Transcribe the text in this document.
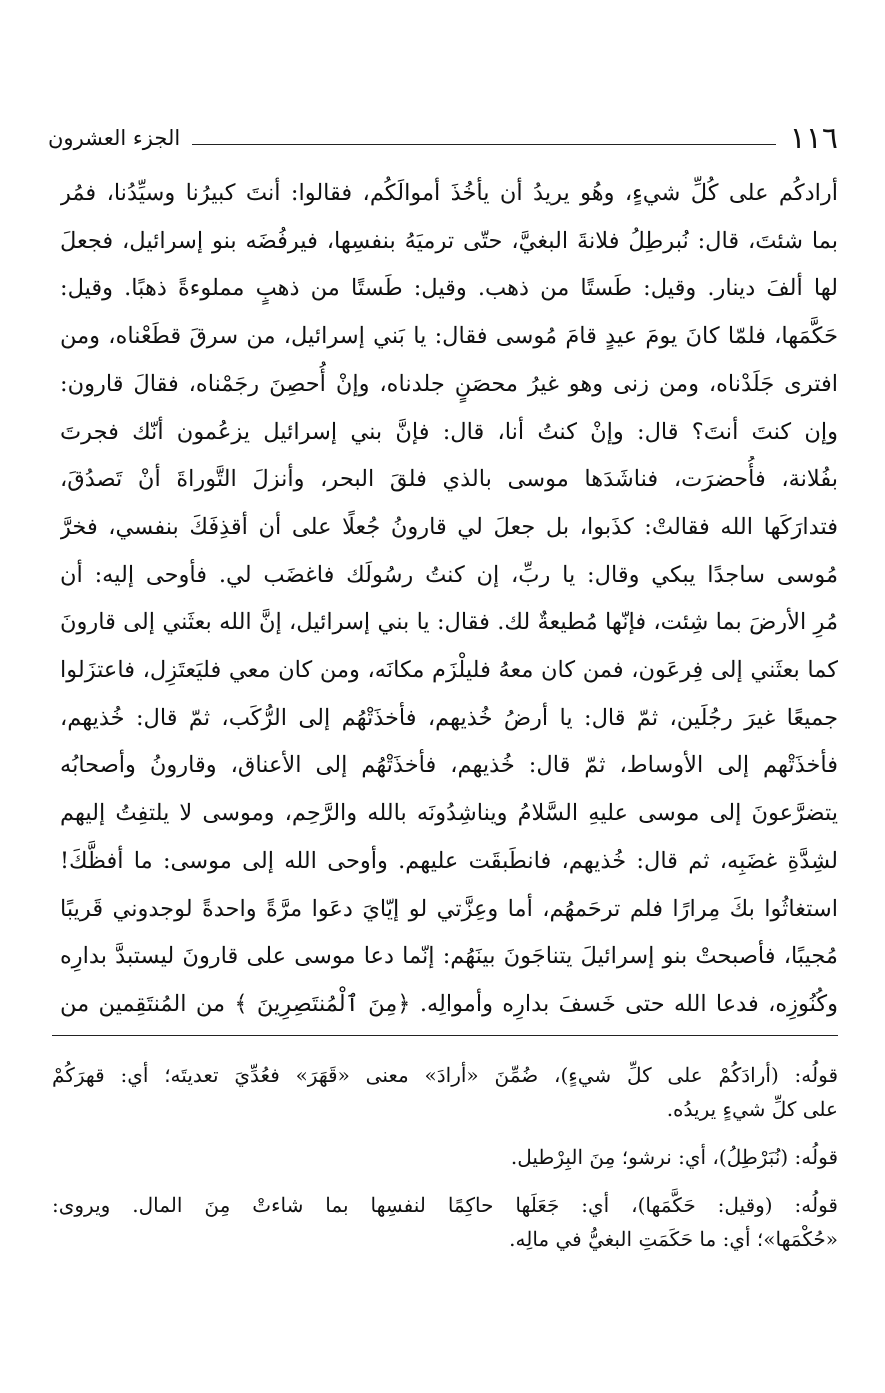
١١٦
الجزء العشرون
أرادكُم على كُلِّ شيءٍ، وهُو يريدُ أن يأخُذَ أموالَكُم، فقالوا: أنتَ كبيرُنا وسيِّدُنا، فمُر
بما شئتَ، قال: نُبرطِلُ فلانةَ البغيَّ، حتّى ترميَهُ بنفسِها، فيرفُضَه بنو إسرائيل، فجعلَ
لها ألفَ دينار. وقيل: طَستًا من ذهب. وقيل: طَستًا من ذهبٍ مملوءةً ذهبًا. وقيل:
حَكَّمَها، فلمّا كانَ يومَ عيدٍ قامَ مُوسى فقال: يا بَني إسرائيل، من سرقَ قطَعْناه، ومن
افترى جَلَدْناه، ومن زنى وهو غيرُ محصَنٍ جلدناه، وإنْ أُحصِنَ رجَمْناه، فقالَ قارون:
وإن كنتَ أنتَ؟ قال: وإنْ كنتُ أنا، قال: فإنَّ بني إسرائيل يزعُمون أنّك فجرتَ
بفُلانة، فأُحضرَت، فناشَدَها موسى بالذي فلقَ البحر، وأنزلَ التَّوراةَ أنْ تَصدُقَ،
فتدارَكَها الله فقالتْ: كذَبوا، بل جعلَ لي قارونُ جُعلًا على أن أقذِفَكَ بنفسي، فخرَّ
مُوسى ساجدًا يبكي وقال: يا ربِّ، إن كنتُ رسُولَك فاغضَب لي. فأوحى إليه: أن
مُرِ الأرضَ بما شِئت، فإنّها مُطيعةٌ لك. فقال: يا بني إسرائيل، إنَّ الله بعثَني إلى قارونَ
كما بعثَني إلى فِرعَون، فمن كان معهُ فليلْزَم مكانَه، ومن كان معي فليَعتَزِل، فاعتزَلوا
جميعًا غيرَ رجُلَين، ثمّ قال: يا أرضُ خُذيهم، فأخذَتْهُم إلى الرُّكَب، ثمّ قال: خُذيهم،
فأخذَتْهم إلى الأوساط، ثمّ قال: خُذيهم، فأخذَتْهُم إلى الأعناق، وقارونُ وأصحابُه
يتضرَّعونَ إلى موسى عليهِ السَّلامُ ويناشِدُونَه بالله والرَّحِم، وموسى لا يلتفِتُ إليهم
لشِدَّةِ غضَبِه، ثم قال: خُذيهم، فانطَبقَت عليهم. وأوحى الله إلى موسى: ما أفظَّكَ!
استغاثُوا بكَ مِرارًا فلم ترحَمهُم، أما وعِزَّتي لو إيّايَ دعَوا مرَّةً واحدةً لوجدوني قَريبًا
مُجيبًا، فأصبحتْ بنو إسرائيلَ يتناجَونَ بينَهُم: إنّما دعا موسى على قارونَ ليستبدَّ بدارِه
وكُنُوزِه، فدعا الله حتى خَسفَ بدارِه وأموالِه. ﴿مِنَ ٱلْمُنتَصِرِينَ ﴾ من المُنتَقِمين من
قولُه: (أرادَكُمْ على كلِّ شيءٍ)، ضُمِّنَ «أرادَ» معنى «قَهَرَ» فعُدِّيَ تعديتَه؛ أي: قهرَكُمْ
على كلِّ شيءٍ يريدُه.
قولُه: (نُبَرْطِلُ)، أي: نرشو؛ مِنَ البِرْطيل.
قولُه: (وقيل: حَكَّمَها)، أي: جَعَلَها حاكِمًا لنفسِها بما شاءتْ مِنَ المال. ويروى:
«حُكْمَها»؛ أي: ما حَكَمَتِ البغيُّ في مالِه.
